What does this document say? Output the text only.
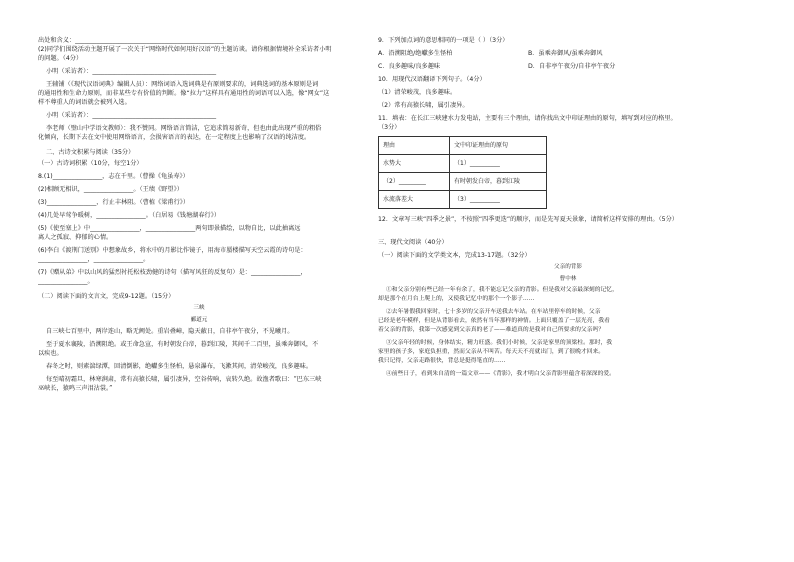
出处和含义：________________________________________________
(2)同学们围绕活动主题开展了一次关于“网络时代如何用好汉语”的主题访谈。请你根据情境补全采访者小明
的问题。（4分）
小明（采访者）：________________________________________
王辅铺（《现代汉语词典》编辑人员）：网络词语入选词典是有原则要求的，词典选词的基本原则是词
的通用性和生命力原则，而非某些专有价值的判断。像“拉力”这样具有通用性的词语可以入选，像“网女”这
样不尊重人的词语就会被列入选。
小明（采访者）：________________________________________
李老师（璧山中学语文教师）：我不赞同。网络语言简洁，它追求简易新奇，但也由此出现严重的粗俗
化倾向，长期下去在文中使用网络语言，会损害语言的表达，在一定程度上也影响了汉语的纯洁度。
二、古诗文积累与阅读（35分）
（一）古诗词积累（10分，每空1分）
8.(1)________________，志在千里。（曹操《龟虽寿》）
(2)相顾无相识，________________。（王绩《野望》）
(3)________________，行止丰林阻。（曹植《梁甫行》）
(4)几处早莺争暖树，________________。（白居易《钱塘湖春行》）
(5)《使至塞上》中________________，________________两句即景描绘，以物自比，以此抽离远
离人之孤寂、抑郁的心情。
(6)李白《渡荆门送别》中想象故乡，将水中的月影比作镜子，用海市蜃楼描写天空云霞的诗句是：
________________，________________。
(7)《赠从弟》中以山风的猛烈衬托松枝劲健的诗句（描写风狂的反复句）是：________________，
________________。
（二）阅读下面的文言文，完成9-12题。（15分）
三峡
郦道元
自三峡七百里中，两岸连山，略无阙处。重岩叠嶂，隐天蔽日，自非亭午夜分，不见曦月。
至于夏水襄陵，沿溯阻绝。或王命急宣，有时朝发白帝，暮到江陵，其间千二百里，虽乘奔御风，不
以疾也。
春冬之时，则素湍绿潭，回清倒影，绝巘多生怪柏，悬泉瀑布，飞漱其间，清荣峻茂，良多趣味。
每至晴初霜旦，林寒涧肃，常有高猿长啸，属引凄异，空谷传响，哀转久绝。故渔者歌曰：“巴东三峡
巫峡长，猿鸣三声泪沾裳。”
9．下列加点词的意思相同的一项是（ ）（3分）
A．沿溯阻绝/绝巘多生怪柏	B．虽乘奔御风/虽乘奔御风
C．良多趣味/良多趣味	D．自非亭午夜分/自非亭午夜分
10．用现代汉语翻译下列句子。（4分）
（1）清荣峻茂，良多趣味。
（2）常有高猿长啸，属引凄异。
11．填表：在长江三峡建水力发电站，主要有三个理由，请你找出文中印证理由的原句，填写到对应的格里。
（3分）
理由	文中印证理由的原句
水势大	（1）__________
（2）_________	有时朝发白帝，暮到江陵
水流落差大	（3）__________
12．文章写三峡“四季之景”，不按照“四季更迭”的顺序，而是先写夏天景象，请简析这样安排的理由。（5分）
三、现代文阅读（40分）
（一）阅读下面的文学类文本，完成13-17题。（32分）
父亲的背影
曹中林
①和父亲分别有些已经一年有余了，我不能忘记父亲的背影。但是我对父亲最深刻的记忆，
却是那个在月台上爬上的，又使我记忆中的那个一个影子……
②去年暑假我回家时，七十多岁的父亲开车送我去车站。在车站里停车的时候，父亲
已经是老年模样，但是从背影看去，依然有当年那样的神情。上面只覆盖了一层光亮，我看
着父亲的背影，我第一次感觉到父亲真的老了——难道真的是我对自己所要求的父亲吗？
③父亲年轻的时候，身体结实，精力旺盛。我们小时候，父亲是家里的顶梁柱。那时，我
家里的孩子多，家庭负担重，然而父亲从不叫苦。每天天不亮就出门，到了很晚才回来。
我只记得，父亲走路很快，背总是挺得笔直的……
④前些日子，看到朱自清的一篇文章——《背影》，我才明白父亲背影里蕴含着深深的爱。
